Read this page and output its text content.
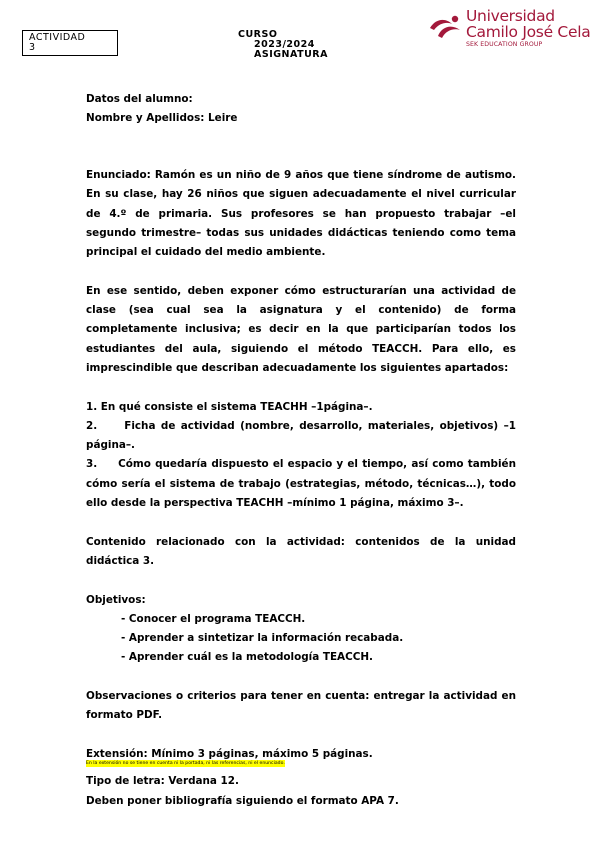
ACTIVIDAD
3
CURSO
2023/2024
ASIGNATURA
Universidad
Camilo José Cela
SEK EDUCATION GROUP

Datos del alumno:

Nombre y Apellidos: Leire

Enunciado: Ramón es un niño de 9 años que tiene síndrome de autismo. En su clase, hay 26 niños que siguen adecuadamente el nivel curricular de 4.º de primaria. Sus profesores se han propuesto trabajar –el segundo trimestre– todas sus unidades didácticas teniendo como tema principal el cuidado del medio ambiente.

En ese sentido, deben exponer cómo estructurarían una actividad de clase (sea cual sea la asignatura y el contenido) de forma completamente inclusiva; es decir en la que participarían todos los estudiantes del aula, siguiendo el método TEACCH. Para ello, es imprescindible que describan adecuadamente los siguientes apartados:

1. En qué consiste el sistema TEACHH –1página–.

2.     Ficha de actividad (nombre, desarrollo, materiales, objetivos) –1 página–.

3.     Cómo quedaría dispuesto el espacio y el tiempo, así como también cómo sería el sistema de trabajo (estrategias, método, técnicas…), todo ello desde la perspectiva TEACHH –mínimo 1 página, máximo 3–.

Contenido relacionado con la actividad: contenidos de la unidad didáctica 3.

Objetivos:

- Conocer el programa TEACCH.

- Aprender a sintetizar la información recabada.

- Aprender cuál es la metodología TEACCH.

Observaciones o criterios para tener en cuenta: entregar la actividad en formato PDF.

Extensión: Mínimo 3 páginas, máximo 5 páginas.

En la extensión no se tiene en cuenta ni la portada, ni las referencias, ni el enunciado.

Tipo de letra: Verdana 12.

Deben poner bibliografía siguiendo el formato APA 7.
